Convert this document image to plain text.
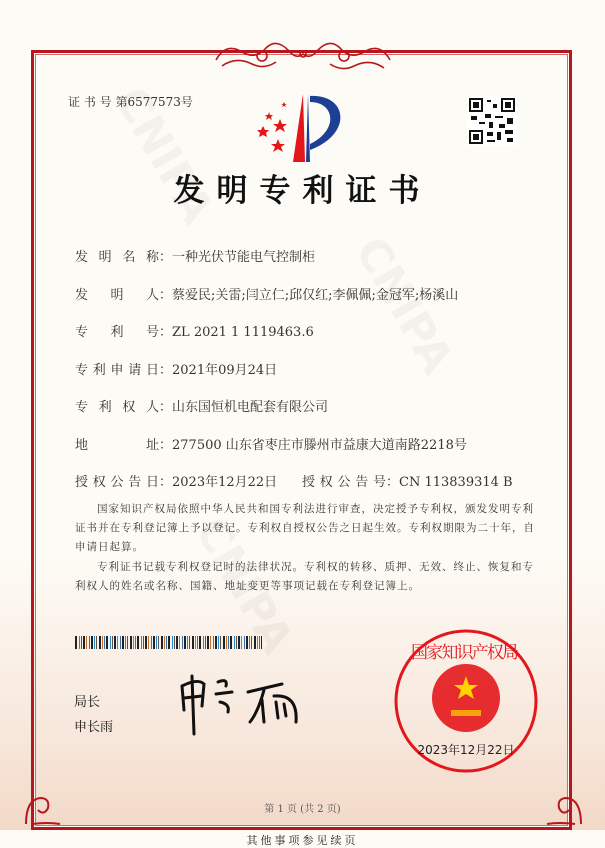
证 书 号 第6577573号
发明专利证书
发明名称：一种光伏节能电气控制柜
发明人：蔡爱民;关雷;闫立仁;邱仅红;李佩佩;金冠军;杨溪山
专利号：ZL 2021 1 1119463.6
专利申请日：2021年09月24日
专利权人：山东国恒机电配套有限公司
地址：277500 山东省枣庄市滕州市益康大道南路2218号
授权公告日：2023年12月22日 授权公告号：CN 113839314 B
国家知识产权局依照中华人民共和国专利法进行审查，决定授予专利权，颁发发明专利证书并在专利登记簿上予以登记。专利权自授权公告之日起生效。专利权期限为二十年，自申请日起算。
专利证书记载专利权登记时的法律状况。专利权的转移、质押、无效、终止、恢复和专利权人的姓名或名称、国籍、地址变更等事项记载在专利登记簿上。
局长
申长雨
国家知识产权局
2023年12月22日
第 1 页 (共 2 页)
其他事项参见续页
